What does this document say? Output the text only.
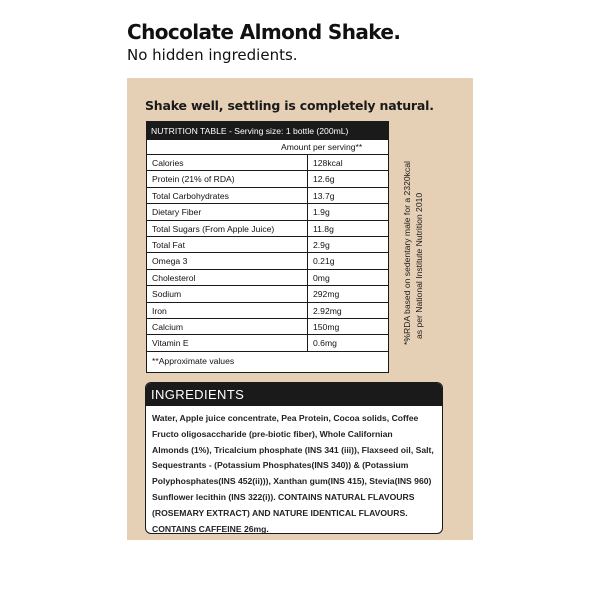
Chocolate Almond Shake.
No hidden ingredients.
Shake well, settling is completely natural.
NUTRITION TABLE - Serving size: 1 bottle (200mL)
Amount per serving**
Calories	128kcal
Protein (21% of RDA)	12.6g
Total Carbohydrates	13.7g
Dietary Fiber	1.9g
Total Sugars (From Apple Juice)	11.8g
Total Fat	2.9g
Omega 3	0.21g
Cholesterol	0mg
Sodium	292mg
Iron	2.92mg
Calcium	150mg
Vitamin E	0.6mg
**Approximate values
*%RDA based on sedentary male for a 2320kcal as per National Institute Nutrition 2010
INGREDIENTS
Water, Apple juice concentrate, Pea Protein, Cocoa solids, Coffee
Fructo oligosaccharide (pre-biotic fiber), Whole Californian
Almonds (1%), Tricalcium phosphate (INS 341 (iii)), Flaxseed oil, Salt,
Sequestrants - (Potassium Phosphates(INS 340)) & (Potassium
Polyphosphates(INS 452(ii))), Xanthan gum(INS 415), Stevia(INS 960)
Sunflower lecithin (INS 322(i)). CONTAINS NATURAL FLAVOURS
(ROSEMARY EXTRACT) AND NATURE IDENTICAL FLAVOURS.
CONTAINS CAFFEINE 26mg.
